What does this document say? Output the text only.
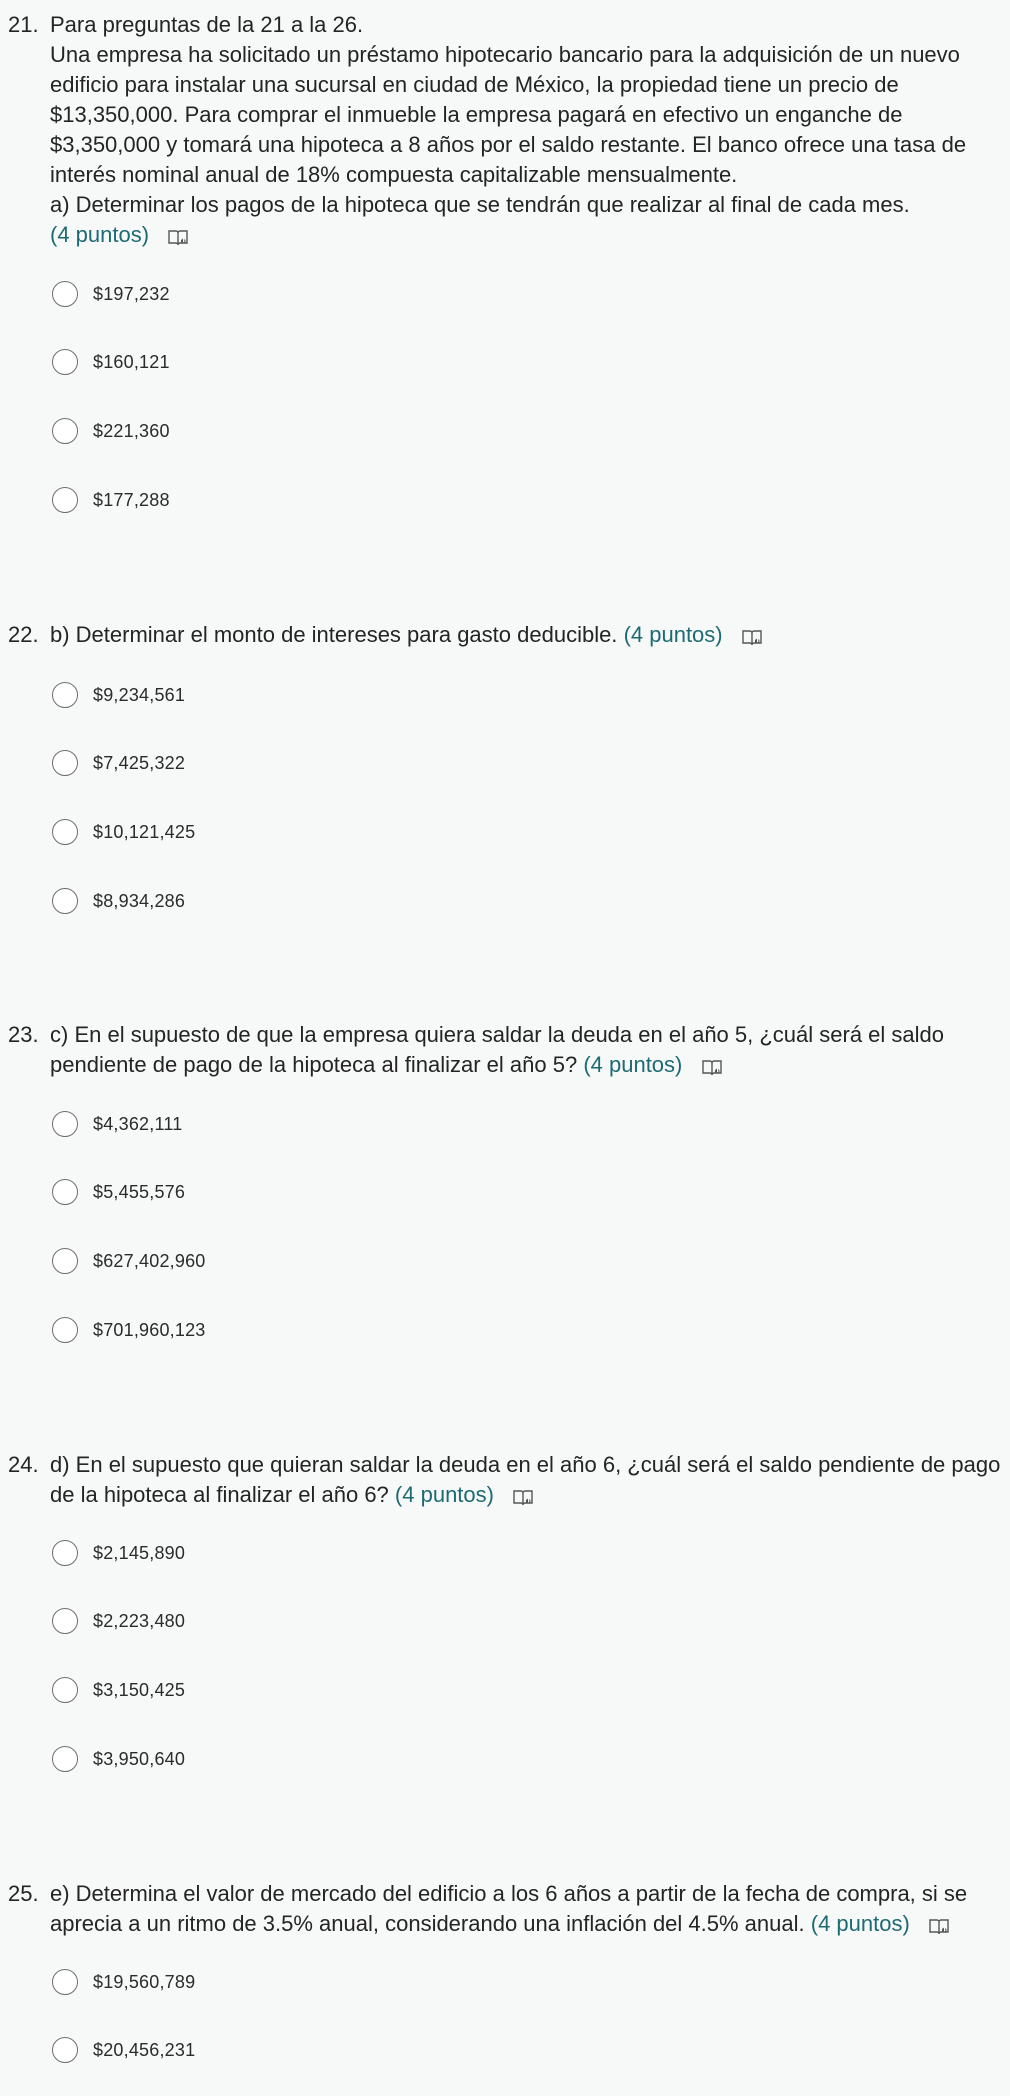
21. Para preguntas de la 21 a la 26.
Una empresa ha solicitado un préstamo hipotecario bancario para la adquisición de un nuevo
edificio para instalar una sucursal en ciudad de México, la propiedad tiene un precio de
$13,350,000. Para comprar el inmueble la empresa pagará en efectivo un enganche de
$3,350,000 y tomará una hipoteca a 8 años por el saldo restante. El banco ofrece una tasa de
interés nominal anual de 18% compuesta capitalizable mensualmente.
a) Determinar los pagos de la hipoteca que se tendrán que realizar al final de cada mes.
(4 puntos)
$197,232
$160,121
$221,360
$177,288
22. b) Determinar el monto de intereses para gasto deducible. (4 puntos)
$9,234,561
$7,425,322
$10,121,425
$8,934,286
23. c) En el supuesto de que la empresa quiera saldar la deuda en el año 5, ¿cuál será el saldo
pendiente de pago de la hipoteca al finalizar el año 5? (4 puntos)
$4,362,111
$5,455,576
$627,402,960
$701,960,123
24. d) En el supuesto que quieran saldar la deuda en el año 6, ¿cuál será el saldo pendiente de pago
de la hipoteca al finalizar el año 6? (4 puntos)
$2,145,890
$2,223,480
$3,150,425
$3,950,640
25. e) Determina el valor de mercado del edificio a los 6 años a partir de la fecha de compra, si se
aprecia a un ritmo de 3.5% anual, considerando una inflación del 4.5% anual. (4 puntos)
$19,560,789
$20,456,231
